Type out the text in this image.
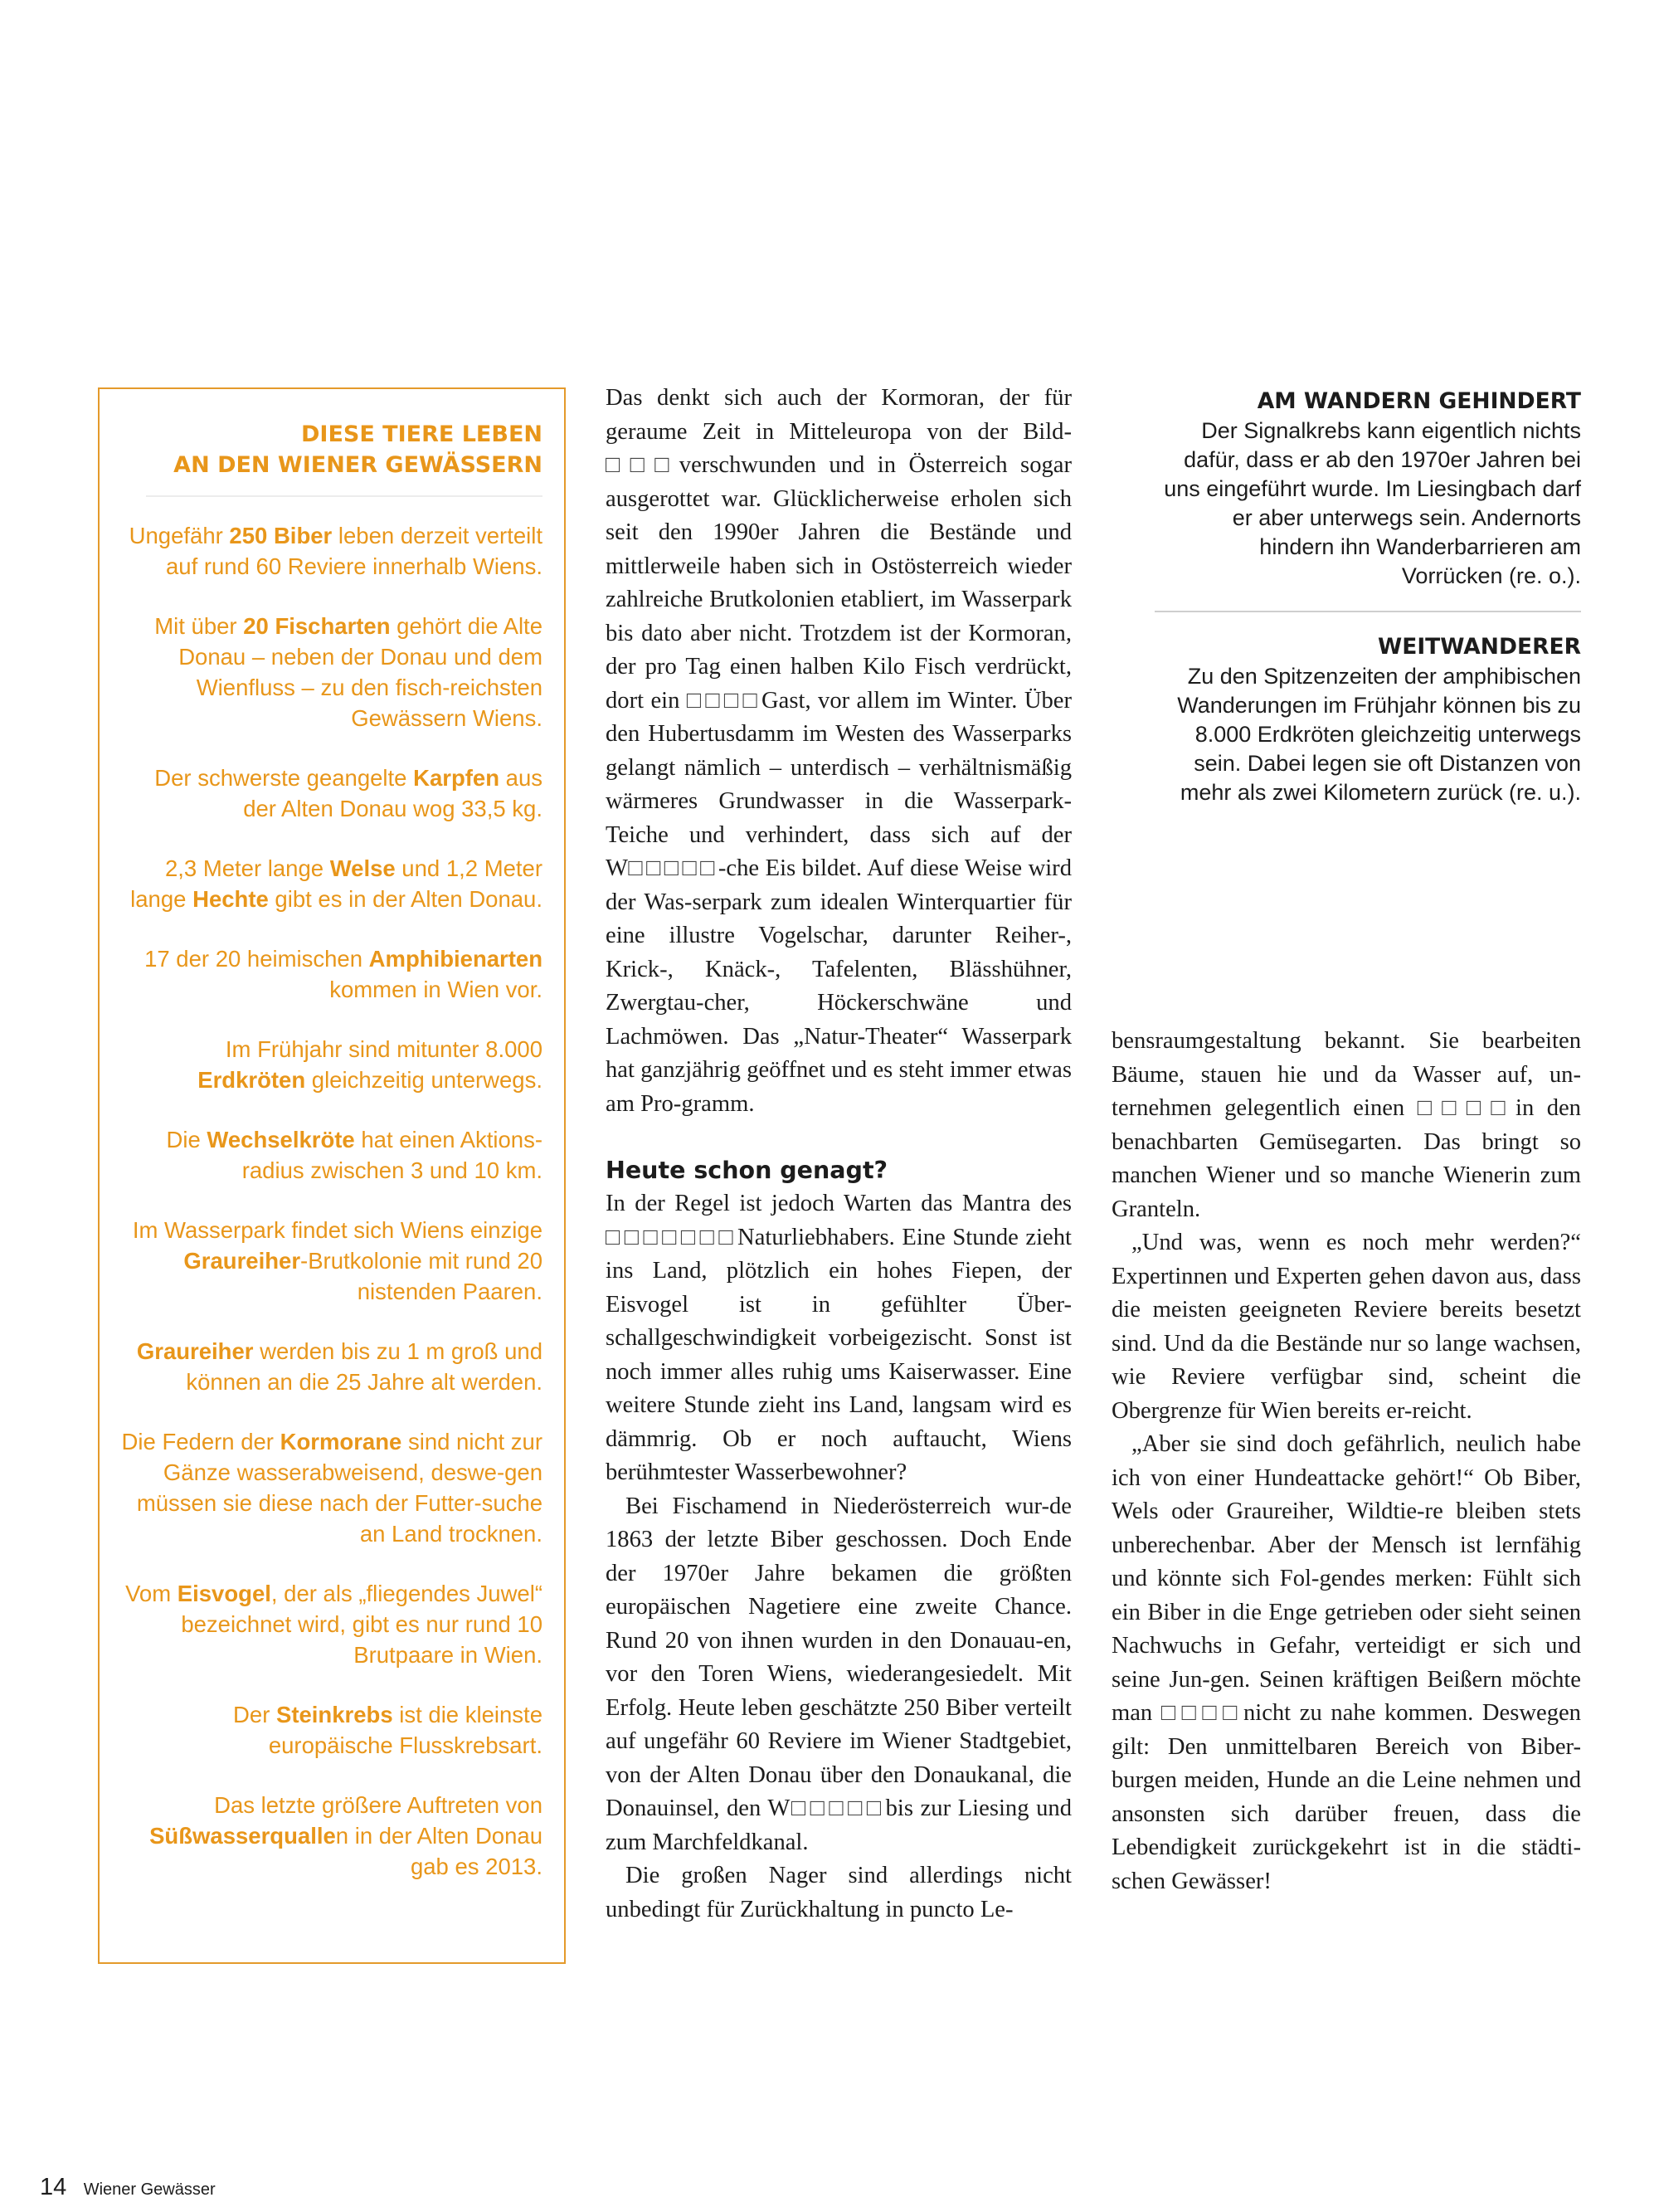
DIESE TIERE LEBEN
AN DEN WIENER GEWÄSSERN
Ungefähr 250 Biber leben derzeit verteilt auf rund 60 Reviere innerhalb Wiens.
Mit über 20 Fischarten gehört die Alte Donau – neben der Donau und dem Wienfluss – zu den fisch-reichsten Gewässern Wiens.
Der schwerste geangelte Karpfen aus der Alten Donau wog 33,5 kg.
2,3 Meter lange Welse und 1,2 Meter lange Hechte gibt es in der Alten Donau.
17 der 20 heimischen Amphibienarten kommen in Wien vor.
Im Frühjahr sind mitunter 8.000 Erdkröten gleichzeitig unterwegs.
Die Wechselkröte hat einen Aktions-radius zwischen 3 und 10 km.
Im Wasserpark findet sich Wiens einzige Graureiher-Brutkolonie mit rund 20 nistenden Paaren.
Graureiher werden bis zu 1 m groß und können an die 25 Jahre alt werden.
Die Federn der Kormorane sind nicht zur Gänze wasserabweisend, deswe-gen müssen sie diese nach der Futter-suche an Land trocknen.
Vom Eisvogel, der als „fliegendes Juwel“ bezeichnet wird, gibt es nur rund 10 Brutpaare in Wien.
Der Steinkrebs ist die kleinste europäische Flusskrebsart.
Das letzte größere Auftreten von Süßwasserquallen in der Alten Donau gab es 2013.

Das denkt sich auch der Kormoran, der für geraume Zeit in Mitteleuropa von der Bild-□□□verschwunden und in Österreich sogar ausgerottet war. Glücklicherweise erholen sich seit den 1990er Jahren die Bestände und mittlerweile haben sich in Ostösterreich wieder zahlreiche Brutkolonien etabliert, im Wasserpark bis dato aber nicht. Trotzdem ist der Kormoran, der pro Tag einen halben Kilo Fisch verdrückt, dort ein □□□□Gast, vor allem im Winter. Über den Hubertusdamm im Westen des Wasserparks gelangt nämlich – unterdisch – verhältnismäßig wärmeres Grundwasser in die Wasserpark-Teiche und verhindert, dass sich auf der W□□□□□-che Eis bildet. Auf diese Weise wird der Was-serpark zum idealen Winterquartier für eine illustre Vogelschar, darunter Reiher-, Krick-, Knäck-, Tafelenten, Blässhühner, Zwergtau-cher, Höckerschwäne und Lachmöwen. Das „Natur-Theater“ Wasserpark hat ganzjährig geöffnet und es steht immer etwas am Pro-gramm.

Heute schon genagt?

In der Regel ist jedoch Warten das Mantra des □□□□□□□Naturliebhabers. Eine Stunde zieht ins Land, plötzlich ein hohes Fiepen, der Eisvogel ist in gefühlter Über-schallgeschwindigkeit vorbeigezischt. Sonst ist noch immer alles ruhig ums Kaiserwasser. Eine weitere Stunde zieht ins Land, langsam wird es dämmrig. Ob er noch auftaucht, Wiens berühmtester Wasserbewohner?

Bei Fischamend in Niederösterreich wur-de 1863 der letzte Biber geschossen. Doch Ende der 1970er Jahre bekamen die größten europäischen Nagetiere eine zweite Chance. Rund 20 von ihnen wurden in den Donauau-en, vor den Toren Wiens, wiederangesiedelt. Mit Erfolg. Heute leben geschätzte 250 Biber verteilt auf ungefähr 60 Reviere im Wiener Stadtgebiet, von der Alten Donau über den Donaukanal, die Donauinsel, den W□□□□□bis zur Liesing und zum Marchfeldkanal.

Die großen Nager sind allerdings nicht unbedingt für Zurückhaltung in puncto Le-

AM WANDERN GEHINDERT
Der Signalkrebs kann eigentlich nichts dafür, dass er ab den 1970er Jahren bei uns eingeführt wurde. Im Liesingbach darf er aber unterwegs sein. Andernorts hindern ihn Wanderbarrieren am Vorrücken (re. o.).
WEITWANDERER
Zu den Spitzenzeiten der amphibischen Wanderungen im Frühjahr können bis zu 8.000 Erdkröten gleichzeitig unterwegs sein. Dabei legen sie oft Distanzen von mehr als zwei Kilometern zurück (re. u.).

bensraumgestaltung bekannt. Sie bearbeiten Bäume, stauen hie und da Wasser auf, un-ternehmen gelegentlich einen □□□□in den benachbarten Gemüsegarten. Das bringt so manchen Wiener und so manche Wienerin zum Granteln.

„Und was, wenn es noch mehr werden?“ Expertinnen und Experten gehen davon aus, dass die meisten geeigneten Reviere bereits besetzt sind. Und da die Bestände nur so lange wachsen, wie Reviere verfügbar sind, scheint die Obergrenze für Wien bereits er-reicht.

„Aber sie sind doch gefährlich, neulich habe ich von einer Hundeattacke gehört!“ Ob Biber, Wels oder Graureiher, Wildtie-re bleiben stets unberechenbar. Aber der Mensch ist lernfähig und könnte sich Fol-gendes merken: Fühlt sich ein Biber in die Enge getrieben oder sieht seinen Nachwuchs in Gefahr, verteidigt er sich und seine Jun-gen. Seinen kräftigen Beißern möchte man □□□□nicht zu nahe kommen. Deswegen gilt: Den unmittelbaren Bereich von Biber-burgen meiden, Hunde an die Leine nehmen und ansonsten sich darüber freuen, dass die Lebendigkeit zurückgekehrt ist in die städti-schen Gewässer!

14 Wiener Gewässer
